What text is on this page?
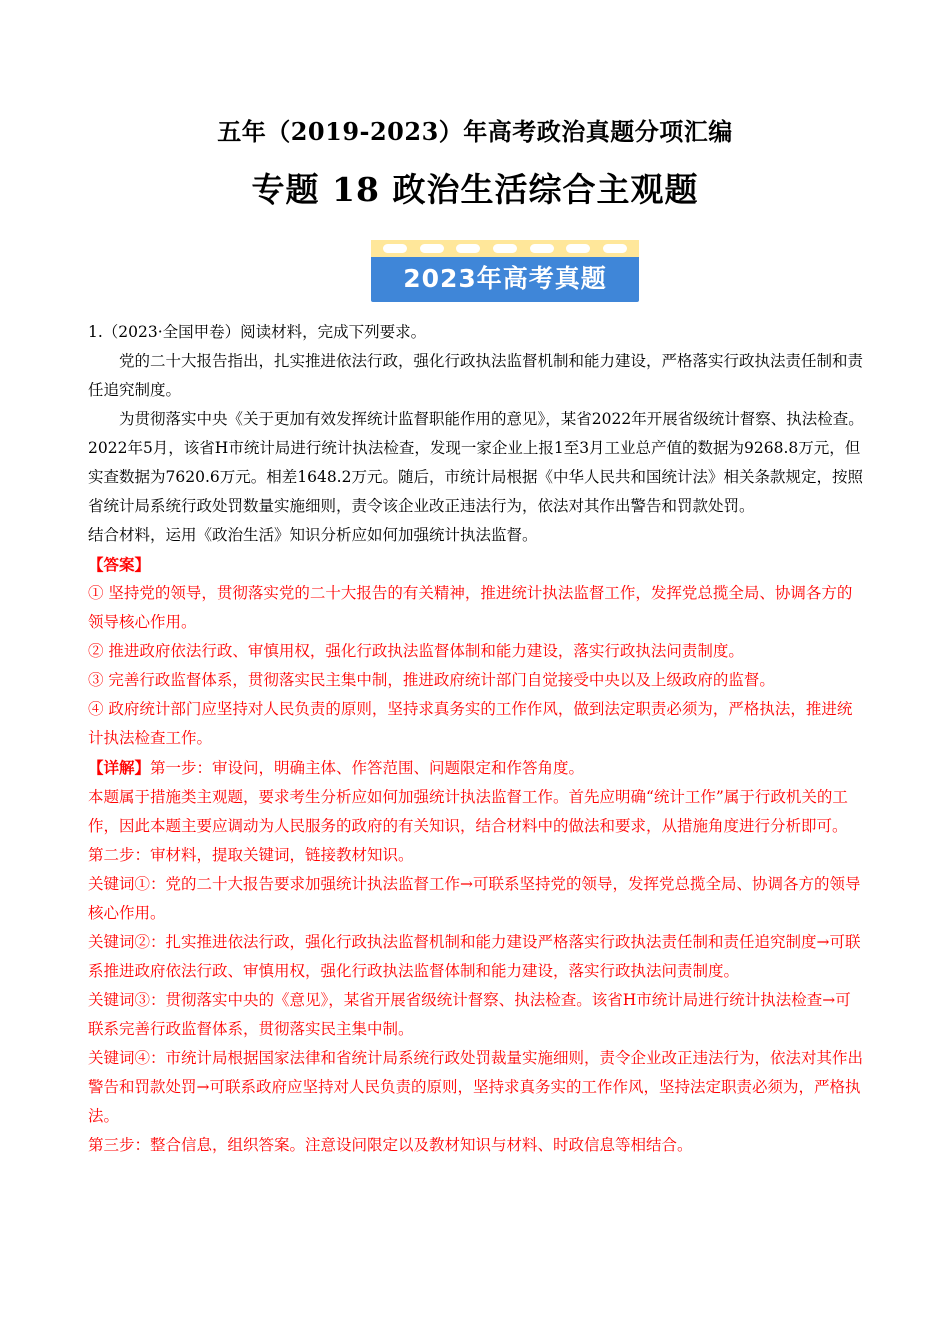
五年（2019-2023）年高考政治真题分项汇编
专题 18 政治生活综合主观题
2023年高考真题

1.（2023·全国甲卷）阅读材料，完成下列要求。

党的二十大报告指出，扎实推进依法行政，强化行政执法监督机制和能力建设，严格落实行政执法责任制和责任追究制度。

为贯彻落实中央《关于更加有效发挥统计监督职能作用的意见》，某省2022年开展省级统计督察、执法检查。2022年5月，该省H市统计局进行统计执法检查，发现一家企业上报1至3月工业总产值的数据为9268.8万元，但实查数据为7620.6万元。相差1648.2万元。随后，市统计局根据《中华人民共和国统计法》相关条款规定，按照省统计局系统行政处罚数量实施细则，责令该企业改正违法行为，依法对其作出警告和罚款处罚。

结合材料，运用《政治生活》知识分析应如何加强统计执法监督。

【答案】

① 坚持党的领导，贯彻落实党的二十大报告的有关精神，推进统计执法监督工作，发挥党总揽全局、协调各方的领导核心作用。

② 推进政府依法行政、审慎用权，强化行政执法监督体制和能力建设，落实行政执法问责制度。

③ 完善行政监督体系，贯彻落实民主集中制，推进政府统计部门自觉接受中央以及上级政府的监督。

④ 政府统计部门应坚持对人民负责的原则，坚持求真务实的工作作风，做到法定职责必须为，严格执法，推进统计执法检查工作。

【详解】第一步：审设问，明确主体、作答范围、问题限定和作答角度。

本题属于措施类主观题，要求考生分析应如何加强统计执法监督工作。首先应明确“统计工作”属于行政机关的工作，因此本题主要应调动为人民服务的政府的有关知识，结合材料中的做法和要求，从措施角度进行分析即可。

第二步：审材料，提取关键词，链接教材知识。

关键词①：党的二十大报告要求加强统计执法监督工作→可联系坚持党的领导，发挥党总揽全局、协调各方的领导核心作用。

关键词②：扎实推进依法行政，强化行政执法监督机制和能力建设严格落实行政执法责任制和责任追究制度→可联系推进政府依法行政、审慎用权，强化行政执法监督体制和能力建设，落实行政执法问责制度。

关键词③：贯彻落实中央的《意见》，某省开展省级统计督察、执法检查。该省H市统计局进行统计执法检查→可联系完善行政监督体系，贯彻落实民主集中制。

关键词④：市统计局根据国家法律和省统计局系统行政处罚裁量实施细则，责令企业改正违法行为，依法对其作出警告和罚款处罚→可联系政府应坚持对人民负责的原则，坚持求真务实的工作作风，坚持法定职责必须为，严格执法。

第三步：整合信息，组织答案。注意设问限定以及教材知识与材料、时政信息等相结合。
